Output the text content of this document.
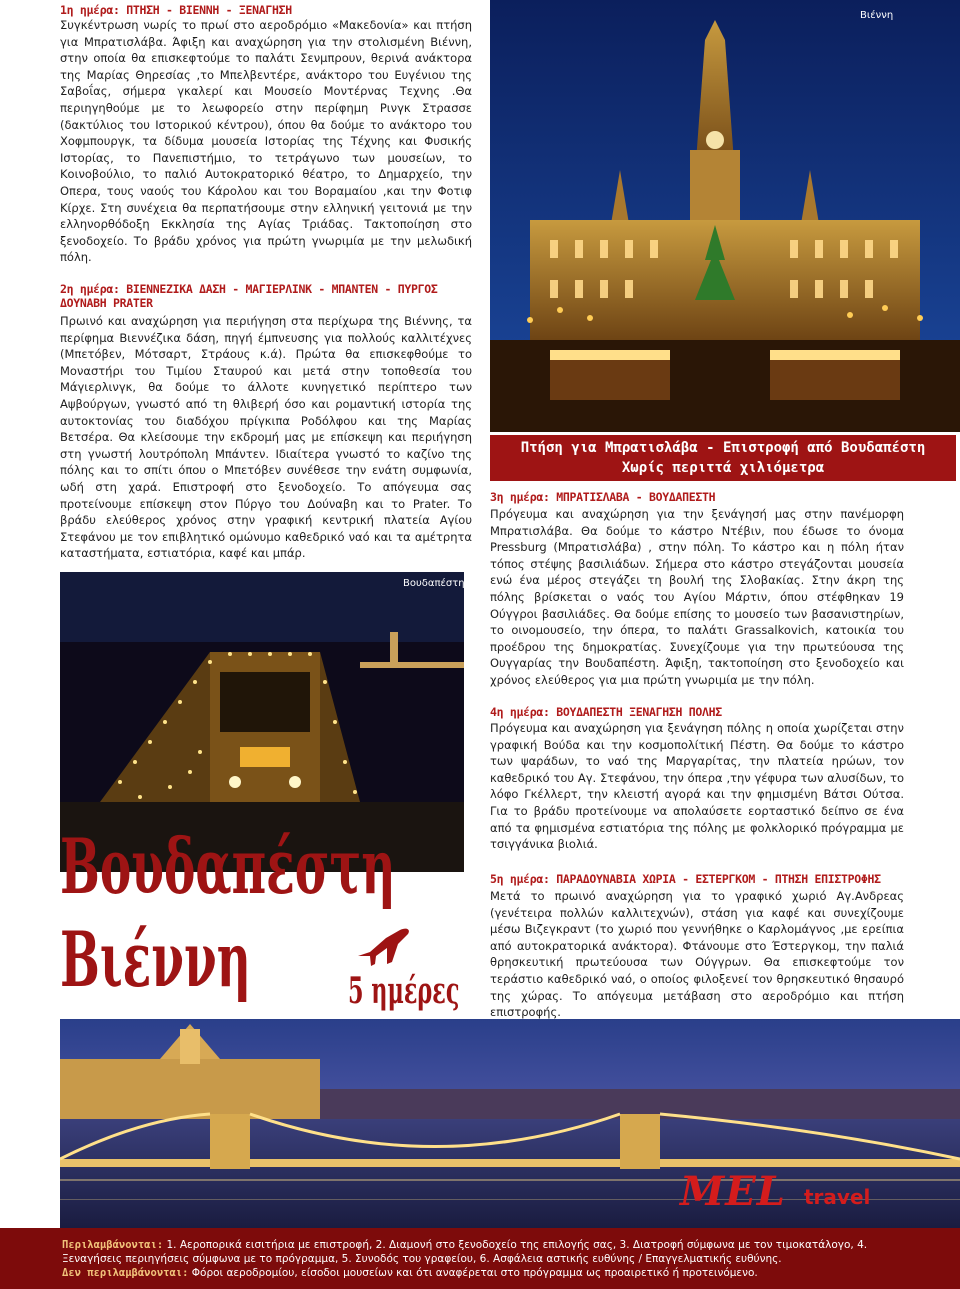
1η ημέρα: ΠΤΗΣΗ - ΒΙΕΝΝΗ - ΞΕΝΑΓΗΣΗ
Συγκέντρωση νωρίς το πρωί στο αεροδρόμιο «Μακεδονία» και πτήση για Μπρατισλάβα. Άφιξη και αναχώρηση για την στολισμένη Βιέννη, στην οποία θα επισκεφτούμε το παλάτι Σενμπρουν, θερινά ανάκτορα της Μαρίας Θηρεσίας ,το Μπελβεντέρε, ανάκτορο του Ευγένιου της Σαβοΐας, σήμερα γκαλερί και Μουσείο Μοντέρνας Τεχνης .Θα περιηγηθούμε με το λεωφορείο στην περίφημη Ρινγκ Στρασσε (δακτύλιος του Ιστορικού κέντρου), όπου θα δούμε το ανάκτορο του Χοφμπουργκ, τα δίδυμα μουσεία Ιστορίας της Τέχνης και Φυσικής Ιστορίας, το Πανεπιστήμιο, το τετράγωνο των μουσείων, το Κοινοβούλιο, το παλιό Αυτοκρατορικό θέατρο, το Δημαρχείο, την Οπερα, τους ναούς του Κάρολου και του Βοραμαίου ,και την Φοτιφ Κίρχε. Στη συνέχεια θα περπατήσουμε στην ελληνική γειτονιά με την ελληνορθόδοξη Εκκλησία της Αγίας Τριάδας. Τακτοποίηση στο ξενοδοχείο. Το βράδυ χρόνος για πρώτη γνωριμία με την μελωδική πόλη.
Βιέννη
2η ημέρα: ΒΙΕΝΝΕΖΙΚΑ ΔΑΣΗ - ΜΑΓΙΕΡΛΙΝΚ - ΜΠΑΝΤΕΝ - ΠΥΡΓΟΣ ΔΟΥΝΑΒΗ PRATER
Πρωινό και αναχώρηση για περιήγηση στα περίχωρα της Βιέννης, τα περίφημα Βιεννέζικα δάση, πηγή έμπνευσης για πολλούς καλλιτέχνες (Μπετόβεν, Μότσαρτ, Στράους κ.ά). Πρώτα θα επισκεφθούμε το Μοναστήρι του Τιμίου Σταυρού και μετά στην τοποθεσία του Μάγιερλινγκ, θα δούμε το άλλοτε κυνηγετικό περίπτερο των Αψβούργων, γνωστό από τη θλιβερή όσο και ρομαντική ιστορία της αυτοκτονίας του διαδόχου πρίγκιπα Ροδόλφου και της Μαρίας Βετσέρα. Θα κλείσουμε την εκδρομή μας με επίσκεψη και περιήγηση στη γνωστή λουτρόπολη Μπάντεν. Ιδιαίτερα γνωστό το καζίνο της πόλης και το σπίτι όπου ο Μπετόβεν συνέθεσε την ενάτη συμφωνία, ωδή στη χαρά. Επιστροφή στο ξενοδοχείο. Το απόγευμα σας προτείνουμε επίσκεψη στον Πύργο του Δούναβη και το Prater. Το βράδυ ελεύθερος χρόνος στην γραφική κεντρική πλατεία Αγίου Στεφάνου με τον επιβλητικό ομώνυμο καθεδρικό ναό και τα αμέτρητα καταστήματα, εστιατόρια, καφέ και μπάρ.
Πτήση για Μπρατισλάβα - Επιστροφή από Βουδαπέστη
Χωρίς περιττά χιλιόμετρα
3η ημέρα: ΜΠΡΑΤΙΣΛΑΒΑ - ΒΟΥΔΑΠΕΣΤΗ
Πρόγευμα και αναχώρηση για την ξενάγησή μας στην πανέμορφη Μπρατισλάβα. Θα δούμε το κάστρο Ντέβιν, που έδωσε το όνομα Pressburg (Μπρατισλάβα) , στην πόλη. Το κάστρο και η πόλη ήταν τόπος στέψης βασιλιάδων. Σήμερα στο κάστρο στεγάζονται μουσεία ενώ ένα μέρος στεγάζει τη βουλή της Σλοβακίας. Στην άκρη της πόλης βρίσκεται ο ναός του Αγίου Μάρτιν, όπου στέφθηκαν 19 Ούγγροι βασιλιάδες. Θα δούμε επίσης το μουσείο των βασανιστηρίων, το οινομουσείο, την όπερα, το παλάτι Grassalkovich, κατοικία του προέδρου της δημοκρατίας. Συνεχίζουμε για την πρωτεύουσα της Ουγγαρίας την Βουδαπέστη. Άφιξη, τακτοποίηση στο ξενοδοχείο και χρόνος ελεύθερος για μια πρώτη γνωριμία με την πόλη.
Βουδαπέστη
4η ημέρα: ΒΟΥΔΑΠΕΣΤΗ ΞΕΝΑΓΗΣΗ ΠΟΛΗΣ
Πρόγευμα και αναχώρηση για ξενάγηση πόλης η οποία χωρίζεται στην γραφική Βούδα και την κοσμοπολίτική Πέστη. Θα δούμε το κάστρο των ψαράδων, το ναό της Μαργαρίτας, την πλατεία ηρώων, τον καθεδρικό του Αγ. Στεφάνου, την όπερα ,την γέφυρα των αλυσίδων, το λόφο Γκέλλερτ, την κλειστή αγορά και την φημισμένη Βάτσι Ούτσα. Για το βράδυ προτείνουμε να απολαύσετε εορταστικό δείπνο σε ένα από τα φημισμένα εστιατόρια της πόλης με φολκλορικό πρόγραμμα με τσιγγάνικα βιολιά.
Βουδαπέστη
Βιέννη	5 ημέρες
5η ημέρα: ΠΑΡΑΔΟΥΝΑΒΙΑ ΧΩΡΙΑ - ΕΣΤΕΡΓΚΟΜ - ΠΤΗΣΗ ΕΠΙΣΤΡΟΦΗΣ
Μετά το πρωινό αναχώρηση για το γραφικό χωριό Αγ.Ανδρεας (γενέτειρα πολλών καλλιτεχνών), στάση για καφέ και συνεχίζουμε μέσω Βιζεγκραντ (το χωριό που γεννήθηκε ο Καρλομάγνος ,με ερείπια από αυτοκρατορικά ανάκτορα). Φτάνουμε στο Έστεργκομ, την παλιά θρησκευτική πρωτεύουσα των Ούγγρων. Θα επισκεφτούμε τον τεράστιο καθεδρικό ναό, ο οποίος φιλοξενεί τον θρησκευτικό θησαυρό της χώρας. Το απόγευμα μετάβαση στο αεροδρόμιο και πτήση επιστροφής.
MEL travel
Περιλαμβάνονται: 1. Αεροπορικά εισιτήρια με επιστροφή, 2. Διαμονή στο ξενοδοχείο της επιλογής σας, 3. Διατροφή σύμφωνα με τον τιμοκατάλογο, 4. Ξεναγήσεις περιηγήσεις σύμφωνα με το πρόγραμμα, 5. Συνοδός του γραφείου, 6. Ασφάλεια αστικής ευθύνης / Επαγγελματικής ευθύνης.
Δεν περιλαμβάνονται: Φόροι αεροδρομίου, είσοδοι μουσείων και ότι αναφέρεται στο πρόγραμμα ως προαιρετικό ή προτεινόμενο.
